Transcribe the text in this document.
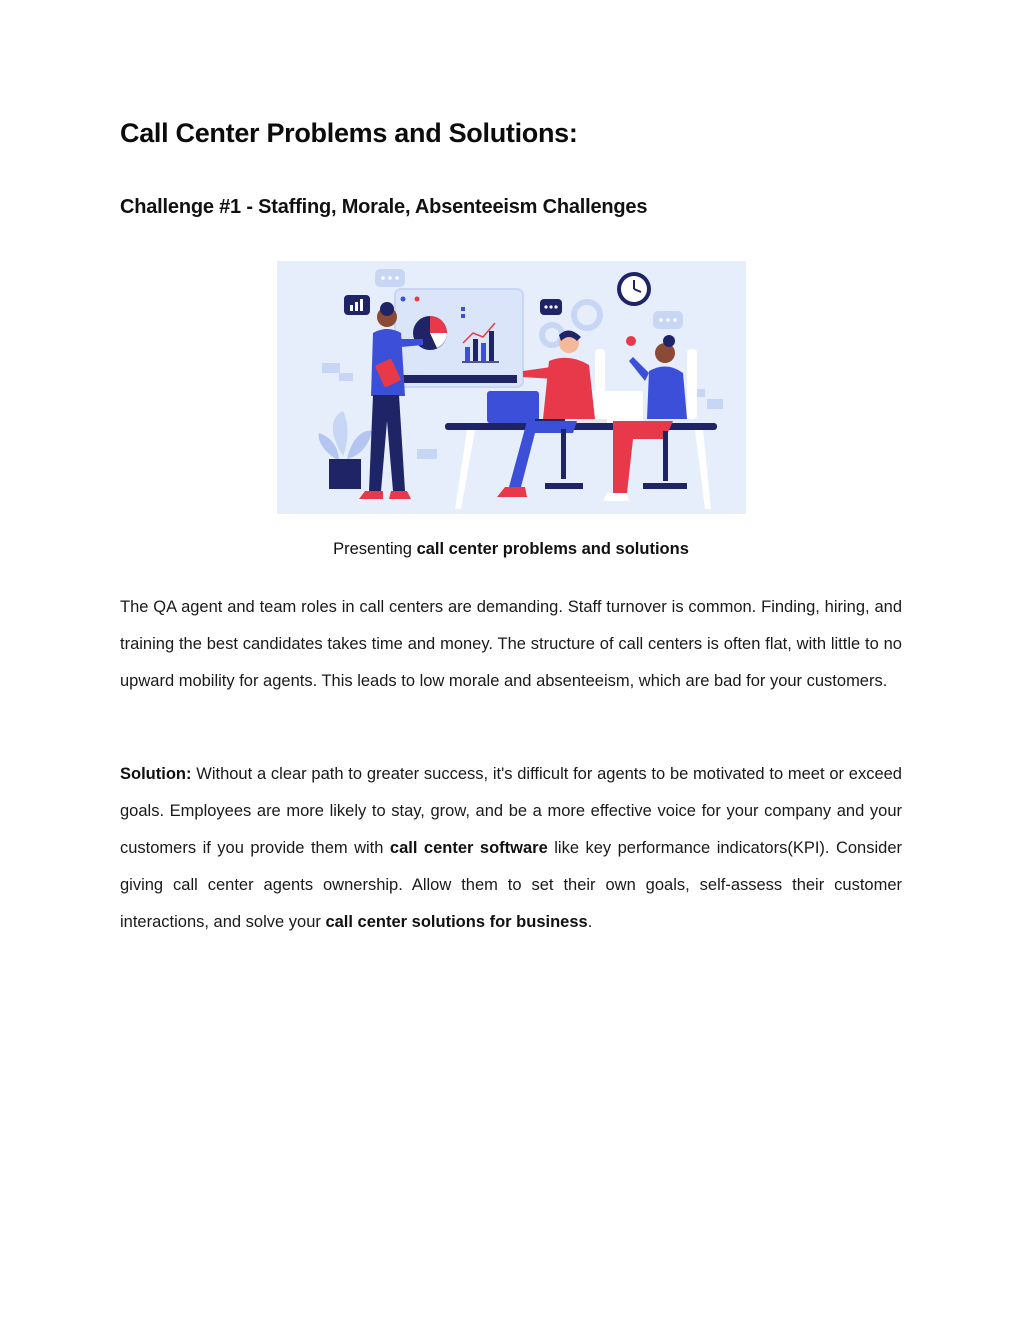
Call Center Problems and Solutions:
Challenge #1 - Staffing, Morale, Absenteeism Challenges
Presenting call center problems and solutions

The QA agent and team roles in call centers are demanding. Staff turnover is common. Finding, hiring, and training the best candidates takes time and money. The structure of call centers is often flat, with little to no upward mobility for agents. This leads to low morale and absenteeism, which are bad for your customers.

Solution: Without a clear path to greater success, it's difficult for agents to be motivated to meet or exceed goals. Employees are more likely to stay, grow, and be a more effective voice for your company and your customers if you provide them with call center software like key performance indicators(KPI). Consider giving call center agents ownership. Allow them to set their own goals, self-assess their customer interactions, and solve your call center solutions for business.
